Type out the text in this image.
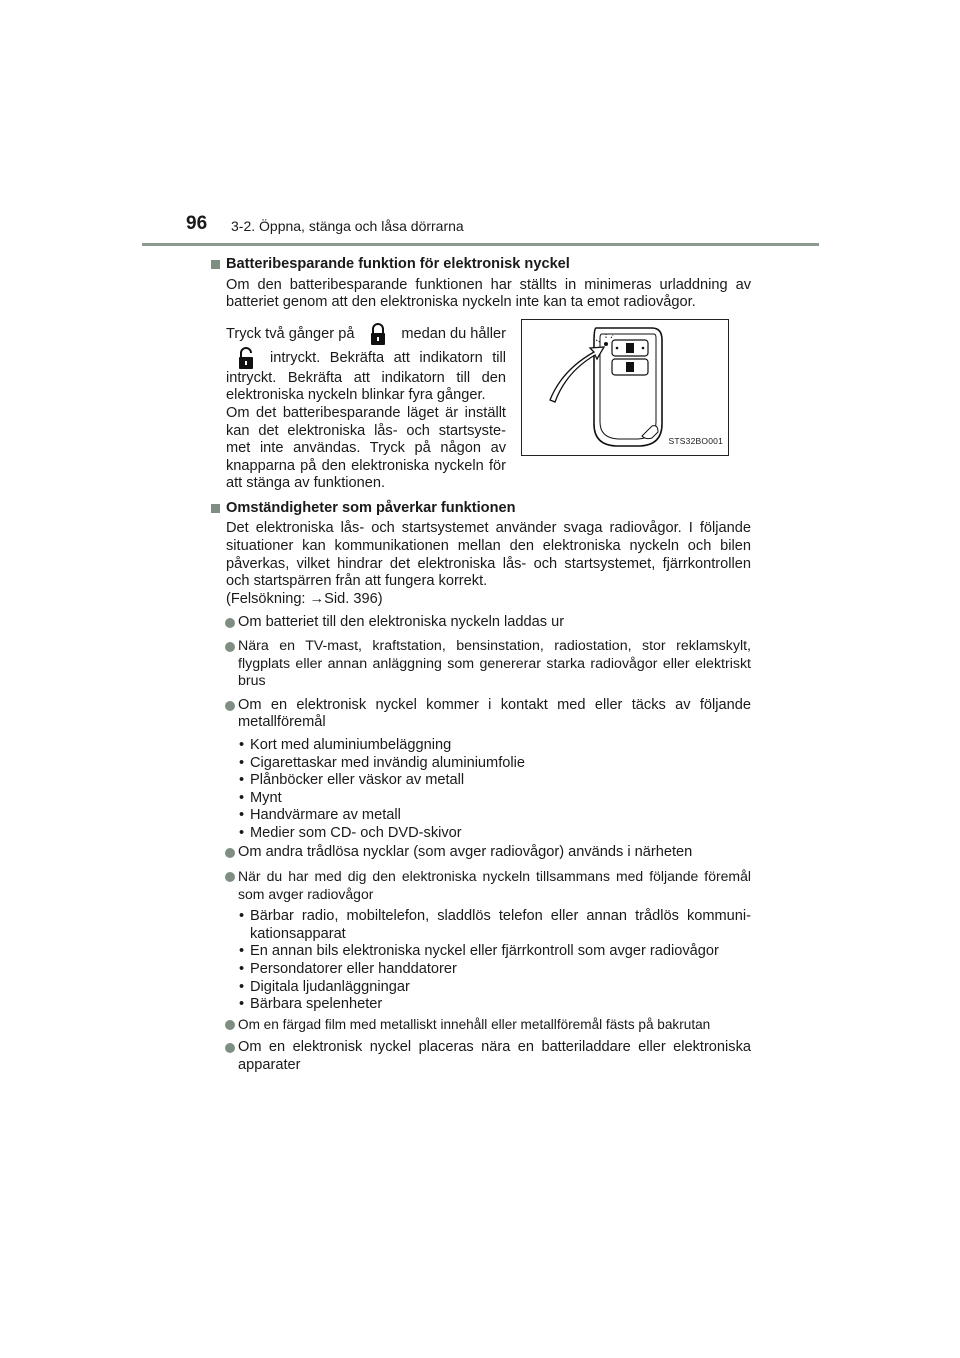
96 3-2. Öppna, stänga och låsa dörrarna
Batteribesparande funktion för elektronisk nyckel
Om den batteribesparande funktionen har ställts in minimeras urladdning av batteriet genom att den elektroniska nyckeln inte kan ta emot radiovågor.
Tryck två gånger på	medan du håller
intryckt. Bekräfta att indikatorn till
intryckt. Bekräfta att indikatorn till den elektroniska nyckeln blinkar fyra gånger.
Om det batteribesparande läget är inställt kan det elektroniska lås- och startsyste-met inte användas. Tryck på någon av knapparna på den elektroniska nyckeln för att stänga av funktionen.
STS32BO001
Omständigheter som påverkar funktionen
Det elektroniska lås- och startsystemet använder svaga radiovågor. I följande situationer kan kommunikationen mellan den elektroniska nyckeln och bilen påverkas, vilket hindrar det elektroniska lås- och startsystemet, fjärrkontrollen och startspärren från att fungera korrekt.
(Felsökning: →Sid. 396)
Om batteriet till den elektroniska nyckeln laddas ur
Nära en TV-mast, kraftstation, bensinstation, radiostation, stor reklamskylt, flygplats eller annan anläggning som genererar starka radiovågor eller elektriskt brus
Om en elektronisk nyckel kommer i kontakt med eller täcks av följande metallföremål
• Kort med aluminiumbeläggning
• Cigarettaskar med invändig aluminiumfolie
• Plånböcker eller väskor av metall
• Mynt
• Handvärmare av metall
• Medier som CD- och DVD-skivor
Om andra trådlösa nycklar (som avger radiovågor) används i närheten
När du har med dig den elektroniska nyckeln tillsammans med följande föremål som avger radiovågor
• Bärbar radio, mobiltelefon, sladdlös telefon eller annan trådlös kommuni-kationsapparat
• En annan bils elektroniska nyckel eller fjärrkontroll som avger radiovågor
• Persondatorer eller handdatorer
• Digitala ljudanläggningar
• Bärbara spelenheter
Om en färgad film med metalliskt innehåll eller metallföremål fästs på bakrutan
Om en elektronisk nyckel placeras nära en batteriladdare eller elektroniska apparater
